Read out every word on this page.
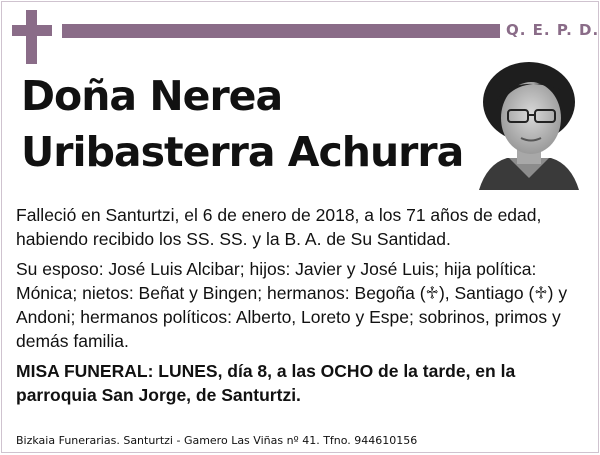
Q. E. P. D.
Doña Nerea
Uribasterra Achurra

Falleció en Santurtzi, el 6 de enero de 2018, a los 71 años de edad, habiendo recibido los SS. SS. y la B. A. de Su Santidad.

Su esposo: José Luis Alcibar; hijos: Javier y José Luis; hija política: Mónica; nietos: Beñat y Bingen; hermanos: Begoña (♱), Santiago (♱) y Andoni; hermanos políticos: Alberto, Loreto y Espe; sobrinos, primos y demás familia.

MISA FUNERAL: LUNES, día 8, a las OCHO de la tarde, en la parroquia San Jorge, de Santurtzi.

Bizkaia Funerarias. Santurtzi - Gamero Las Viñas nº 41. Tfno. 944610156
